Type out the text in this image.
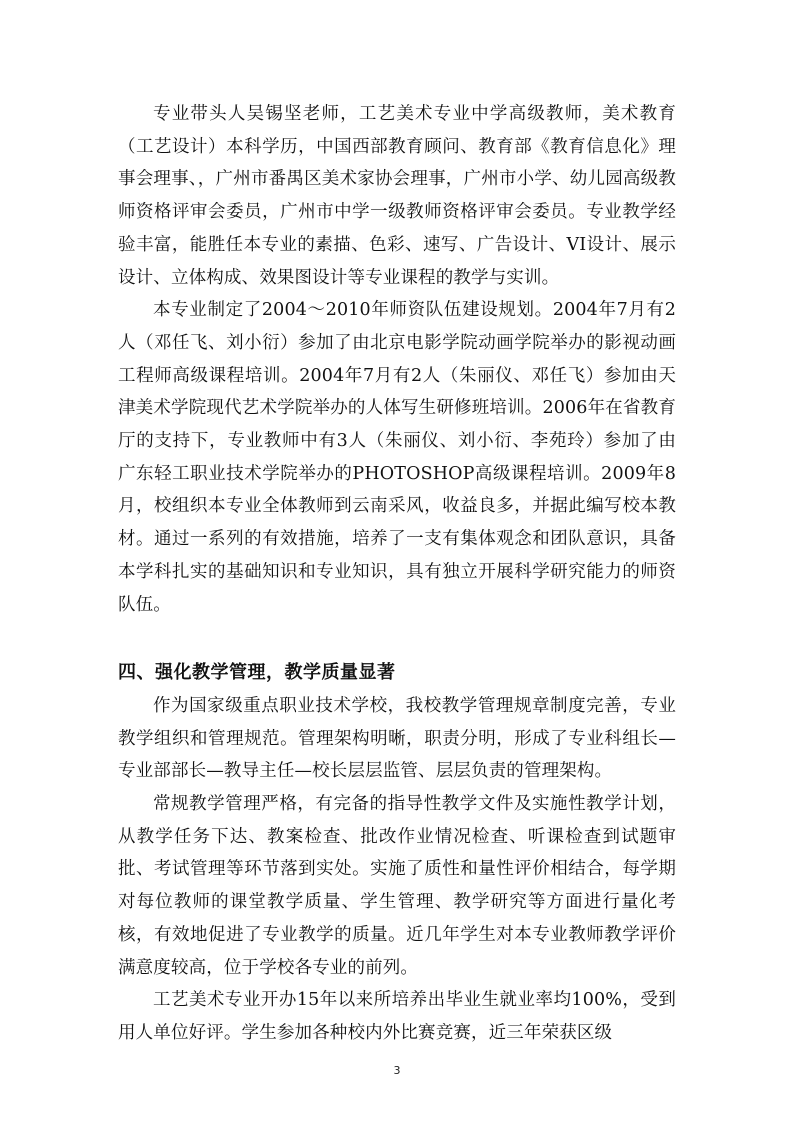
专业带头人吴锡坚老师，工艺美术专业中学高级教师，美术教育（工艺设计）本科学历，中国西部教育顾问、教育部《教育信息化》理事会理事、，广州市番禺区美术家协会理事，广州市小学、幼儿园高级教师资格评审会委员，广州市中学一级教师资格评审会委员。专业教学经验丰富，能胜任本专业的素描、色彩、速写、广告设计、VI设计、展示设计、立体构成、效果图设计等专业课程的教学与实训。

本专业制定了2004～2010年师资队伍建设规划。2004年7月有2人（邓任飞、刘小衍）参加了由北京电影学院动画学院举办的影视动画工程师高级课程培训。2004年7月有2人（朱丽仪、邓任飞）参加由天津美术学院现代艺术学院举办的人体写生研修班培训。2006年在省教育厅的支持下，专业教师中有3人（朱丽仪、刘小衍、李苑玲）参加了由广东轻工职业技术学院举办的PHOTOSHOP高级课程培训。2009年8月，校组织本专业全体教师到云南采风，收益良多，并据此编写校本教材。通过一系列的有效措施，培养了一支有集体观念和团队意识，具备本学科扎实的基础知识和专业知识，具有独立开展科学研究能力的师资队伍。

四、强化教学管理，教学质量显著

作为国家级重点职业技术学校，我校教学管理规章制度完善，专业教学组织和管理规范。管理架构明晰，职责分明，形成了专业科组长—专业部部长—教导主任—校长层层监管、层层负责的管理架构。

常规教学管理严格，有完备的指导性教学文件及实施性教学计划，从教学任务下达、教案检查、批改作业情况检查、听课检查到试题审批、考试管理等环节落到实处。实施了质性和量性评价相结合，每学期对每位教师的课堂教学质量、学生管理、教学研究等方面进行量化考核，有效地促进了专业教学的质量。近几年学生对本专业教师教学评价满意度较高，位于学校各专业的前列。

工艺美术专业开办15年以来所培养出毕业生就业率均100%，受到用人单位好评。学生参加各种校内外比赛竞赛，近三年荣获区级

3
